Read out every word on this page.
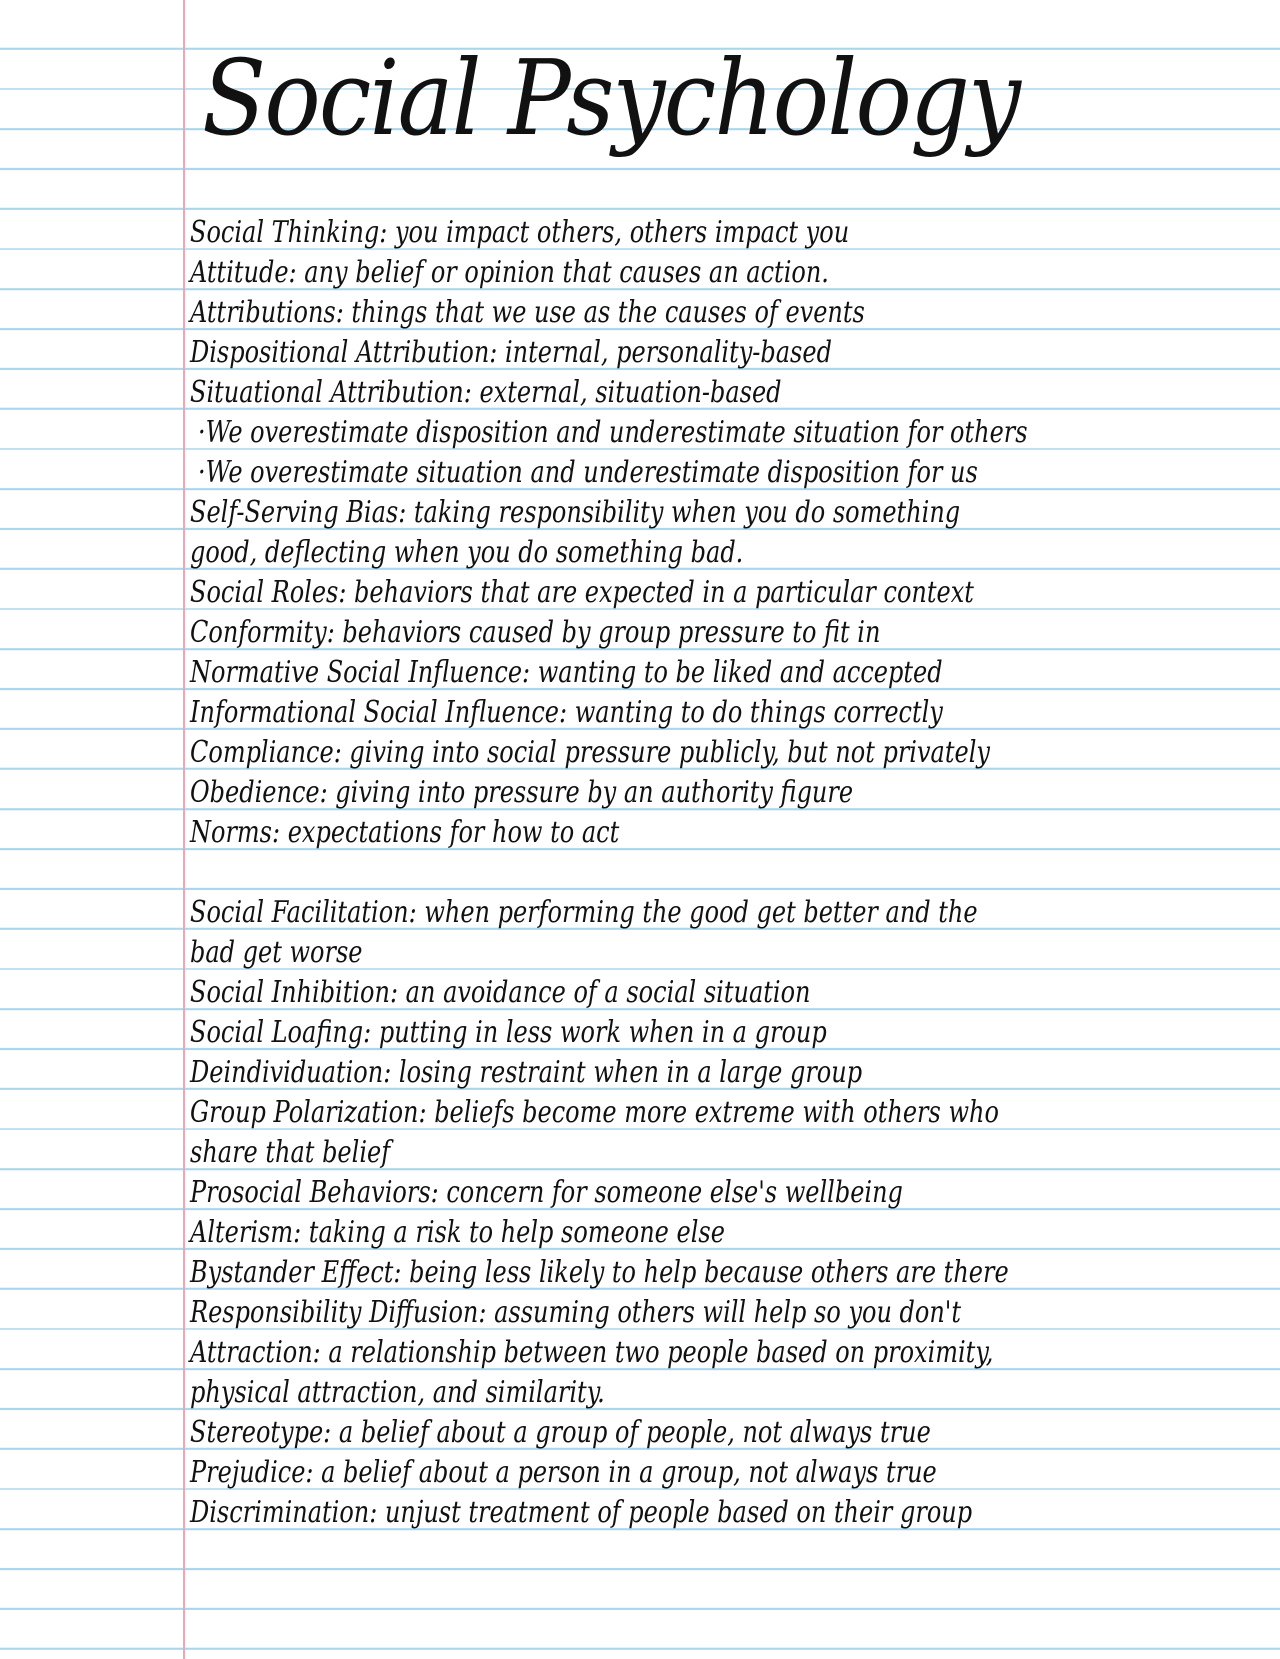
Social Psychology
Social Thinking: you impact others, others impact you
Attitude: any belief or opinion that causes an action.
Attributions: things that we use as the causes of events
Dispositional Attribution: internal, personality-based
Situational Attribution: external, situation-based
·We overestimate disposition and underestimate situation for others
·We overestimate situation and underestimate disposition for us
Self-Serving Bias: taking responsibility when you do something
good, deflecting when you do something bad.
Social Roles: behaviors that are expected in a particular context
Conformity: behaviors caused by group pressure to fit in
Normative Social Influence: wanting to be liked and accepted
Informational Social Influence: wanting to do things correctly
Compliance: giving into social pressure publicly, but not privately
Obedience: giving into pressure by an authority figure
Norms: expectations for how to act
Social Facilitation: when performing the good get better and the
bad get worse
Social Inhibition: an avoidance of a social situation
Social Loafing: putting in less work when in a group
Deindividuation: losing restraint when in a large group
Group Polarization: beliefs become more extreme with others who
share that belief
Prosocial Behaviors: concern for someone else's wellbeing
Alterism: taking a risk to help someone else
Bystander Effect: being less likely to help because others are there
Responsibility Diffusion: assuming others will help so you don't
Attraction: a relationship between two people based on proximity,
physical attraction, and similarity.
Stereotype: a belief about a group of people, not always true
Prejudice: a belief about a person in a group, not always true
Discrimination: unjust treatment of people based on their group
